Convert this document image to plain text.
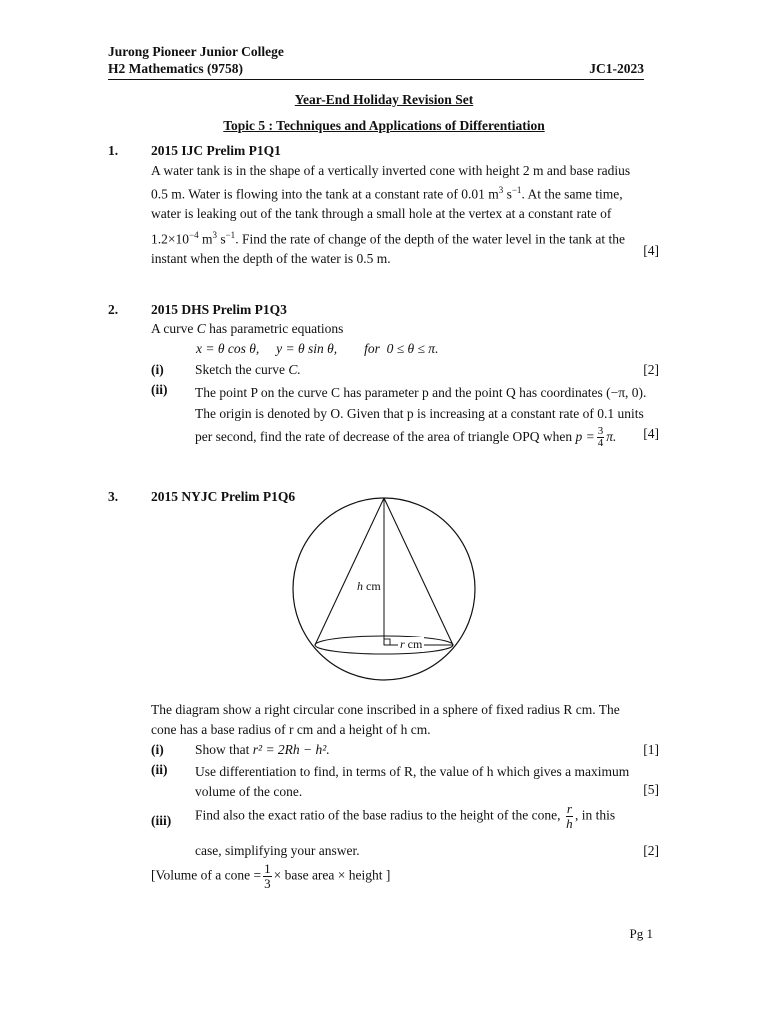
Jurong Pioneer Junior College
H2 Mathematics (9758)	JC1-2023
Year-End Holiday Revision Set
Topic 5 : Techniques and Applications of Differentiation
1. 2015 IJC Prelim P1Q1
A water tank is in the shape of a vertically inverted cone with height 2 m and base radius
0.5 m. Water is flowing into the tank at a constant rate of 0.01 $m^3$ $s^{-1}$. At the same time,
water is leaking out of the tank through a small hole at the vertex at a constant rate of
$1.2\times 10^{-4}$ $m^3$ $s^{-1}$. Find the rate of change of the depth of the water level in the tank at the
instant when the depth of the water is 0.5 m.
[4]
2. 2015 DHS Prelim P1Q3
A curve C has parametric equations
x = θ cos θ,     y = θ sin θ,        for  0 ≤ θ ≤ π.
(i) Sketch the curve C.	[2]
(ii) The point P on the curve C has parameter p and the point Q has coordinates (−π, 0).
The origin is denoted by O. Given that p is increasing at a constant rate of 0.1 units
per second, find the rate of decrease of the area of triangle OPQ when $p = \frac{3}{4} \pi$.	[4]
3. 2015 NYJC Prelim P1Q6
h cm
r cm
The diagram show a right circular cone inscribed in a sphere of fixed radius R cm. The
cone has a base radius of r cm and a height of h cm.
(i) Show that r² = 2Rh − h².	[1]
(ii) Use differentiation to find, in terms of R, the value of h which gives a maximum
volume of the cone.	[5]
(iii) Find also the exact ratio of the base radius to the height of the cone, $\frac{r}{h}$ , in this
case, simplifying your answer.	[2]
[Volume of a cone = $\frac{1}{3}$ × base area × height ]
Pg 1
